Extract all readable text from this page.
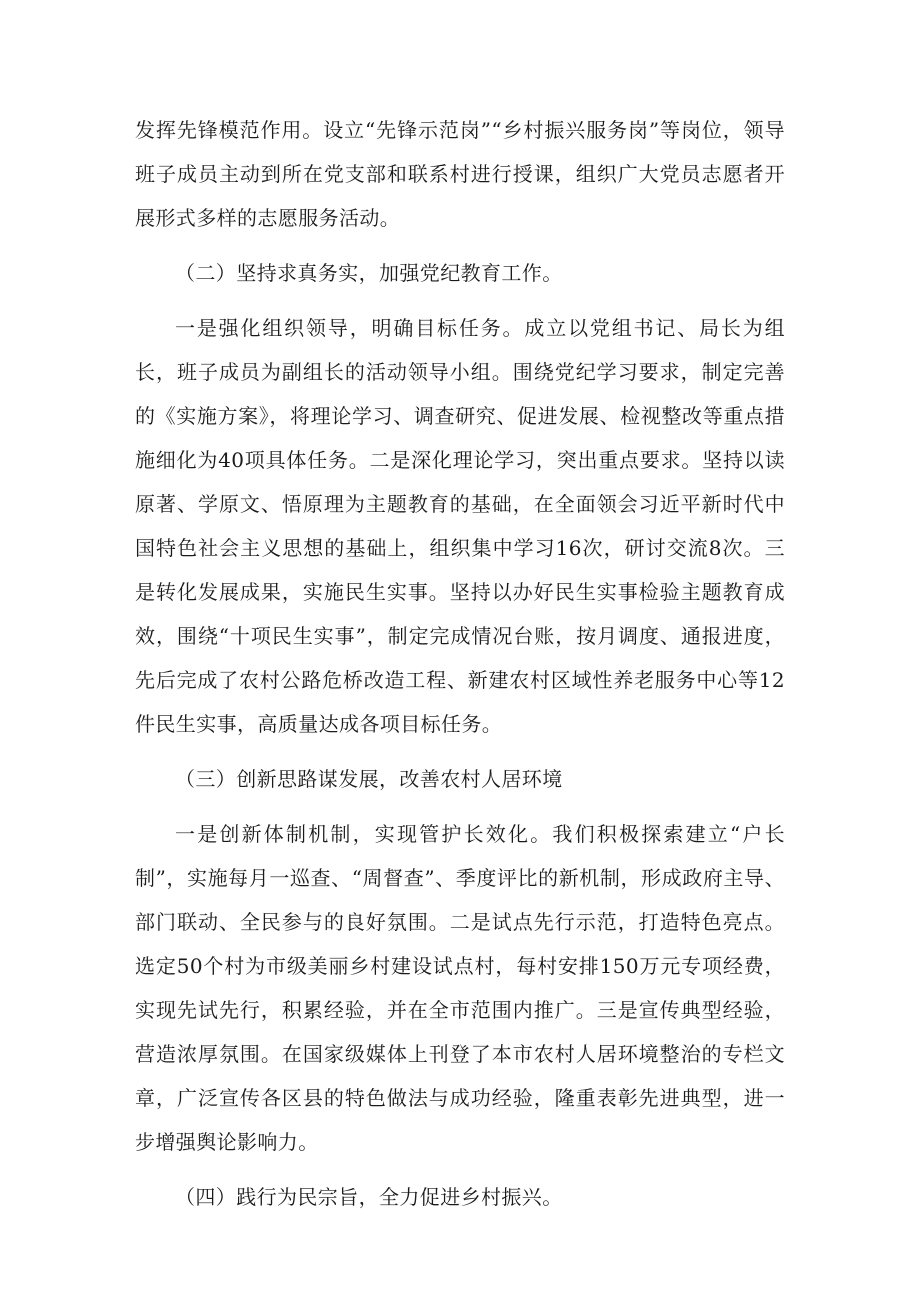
发挥先锋模范作用。设立“先锋示范岗”“乡村振兴服务岗”等岗位，领导班子成员主动到所在党支部和联系村进行授课，组织广大党员志愿者开展形式多样的志愿服务活动。

（二）坚持求真务实，加强党纪教育工作。

一是强化组织领导，明确目标任务。成立以党组书记、局长为组长，班子成员为副组长的活动领导小组。围绕党纪学习要求，制定完善的《实施方案》，将理论学习、调查研究、促进发展、检视整改等重点措施细化为40项具体任务。二是深化理论学习，突出重点要求。坚持以读原著、学原文、悟原理为主题教育的基础，在全面领会习近平新时代中国特色社会主义思想的基础上，组织集中学习16次，研讨交流8次。三是转化发展成果，实施民生实事。坚持以办好民生实事检验主题教育成效，围绕“十项民生实事”，制定完成情况台账，按月调度、通报进度，先后完成了农村公路危桥改造工程、新建农村区域性养老服务中心等12件民生实事，高质量达成各项目标任务。

（三）创新思路谋发展，改善农村人居环境

一是创新体制机制，实现管护长效化。我们积极探索建立“户长制”，实施每月一巡查、“周督查”、季度评比的新机制，形成政府主导、部门联动、全民参与的良好氛围。二是试点先行示范，打造特色亮点。选定50个村为市级美丽乡村建设试点村，每村安排150万元专项经费，实现先试先行，积累经验，并在全市范围内推广。三是宣传典型经验，营造浓厚氛围。在国家级媒体上刊登了本市农村人居环境整治的专栏文章，广泛宣传各区县的特色做法与成功经验，隆重表彰先进典型，进一步增强舆论影响力。

（四）践行为民宗旨，全力促进乡村振兴。
